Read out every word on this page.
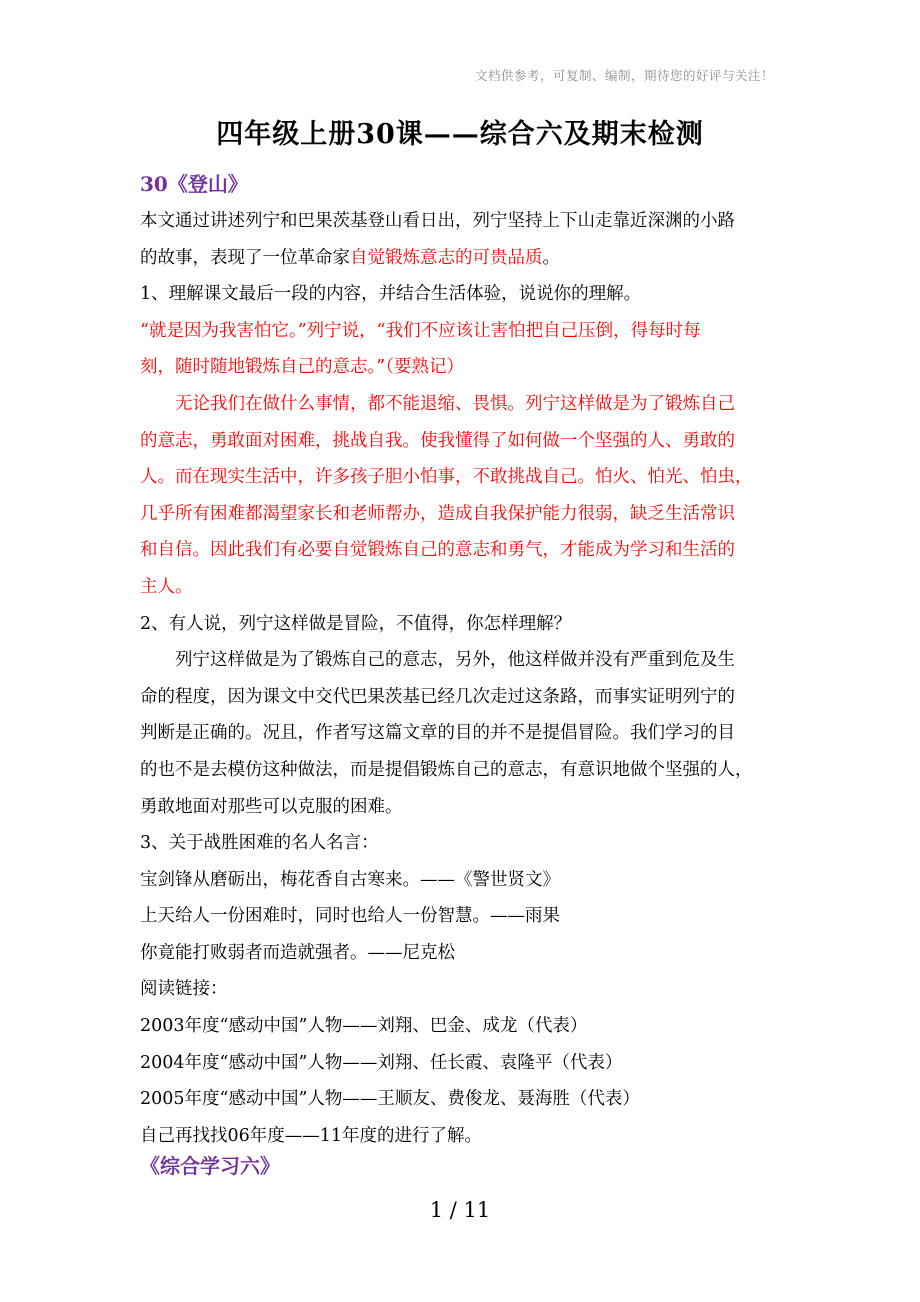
文档供参考，可复制、编制，期待您的好评与关注！
四年级上册30课——综合六及期末检测
30《登山》
本文通过讲述列宁和巴果茨基登山看日出，列宁坚持上下山走靠近深渊的小路
的故事，表现了一位革命家自觉锻炼意志的可贵品质。
1、理解课文最后一段的内容，并结合生活体验，说说你的理解。
“就是因为我害怕它。”列宁说，“我们不应该让害怕把自己压倒，得每时每
刻，随时随地锻炼自己的意志。”（要熟记）
无论我们在做什么事情，都不能退缩、畏惧。列宁这样做是为了锻炼自己
的意志，勇敢面对困难，挑战自我。使我懂得了如何做一个坚强的人、勇敢的
人。而在现实生活中，许多孩子胆小怕事，不敢挑战自己。怕火、怕光、怕虫，
几乎所有困难都渴望家长和老师帮办，造成自我保护能力很弱，缺乏生活常识
和自信。因此我们有必要自觉锻炼自己的意志和勇气，才能成为学习和生活的
主人。
2、有人说，列宁这样做是冒险，不值得，你怎样理解？
列宁这样做是为了锻炼自己的意志，另外，他这样做并没有严重到危及生
命的程度，因为课文中交代巴果茨基已经几次走过这条路，而事实证明列宁的
判断是正确的。况且，作者写这篇文章的目的并不是提倡冒险。我们学习的目
的也不是去模仿这种做法，而是提倡锻炼自己的意志，有意识地做个坚强的人，
勇敢地面对那些可以克服的困难。
3、关于战胜困难的名人名言：
宝剑锋从磨砺出，梅花香自古寒来。——《警世贤文》
上天给人一份困难时，同时也给人一份智慧。——雨果
你竟能打败弱者而造就强者。——尼克松
阅读链接：
2003年度“感动中国”人物——刘翔、巴金、成龙（代表）
2004年度“感动中国”人物——刘翔、任长霞、袁隆平（代表）
2005年度“感动中国”人物——王顺友、费俊龙、聂海胜（代表）
自己再找找06年度——11年度的进行了解。
《综合学习六》
1 / 11
